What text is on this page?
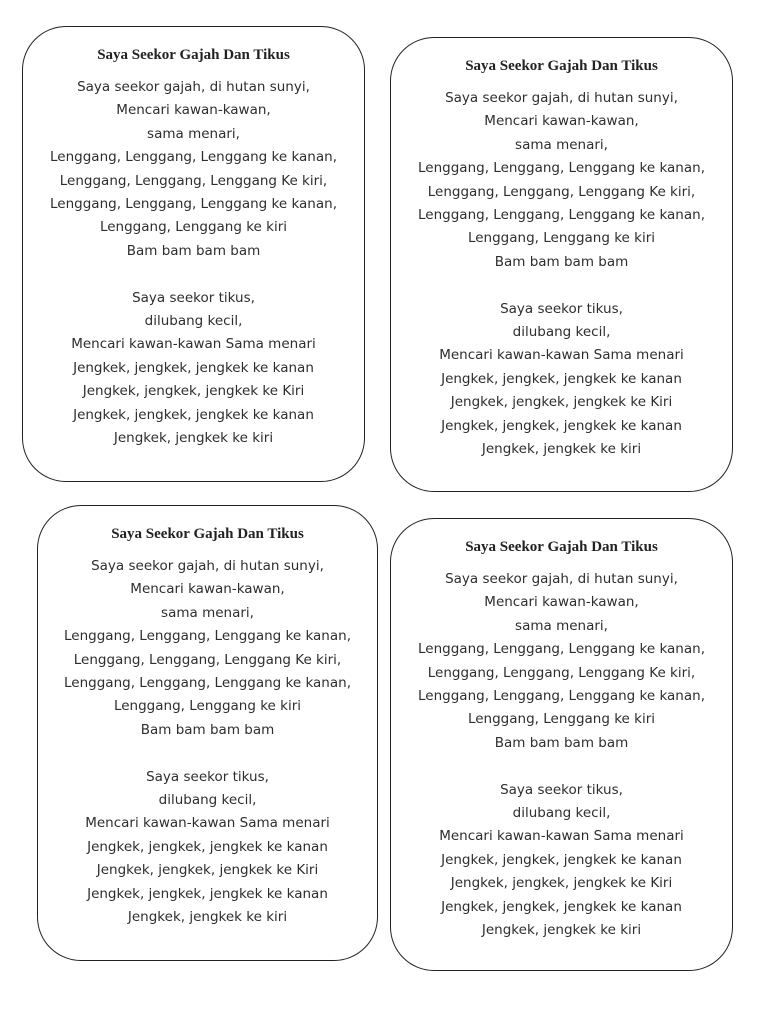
Saya Seekor Gajah Dan Tikus
Saya seekor gajah, di hutan sunyi,
Mencari kawan-kawan,
sama menari,
Lenggang, Lenggang, Lenggang ke kanan,
Lenggang, Lenggang, Lenggang Ke kiri,
Lenggang, Lenggang, Lenggang ke kanan,
Lenggang, Lenggang ke kiri
Bam bam bam bam
Saya seekor tikus,
dilubang kecil,
Mencari kawan-kawan Sama menari
Jengkek, jengkek, jengkek ke kanan
Jengkek, jengkek, jengkek ke Kiri
Jengkek, jengkek, jengkek ke kanan
Jengkek, jengkek ke kiri
Saya Seekor Gajah Dan Tikus
Saya seekor gajah, di hutan sunyi,
Mencari kawan-kawan,
sama menari,
Lenggang, Lenggang, Lenggang ke kanan,
Lenggang, Lenggang, Lenggang Ke kiri,
Lenggang, Lenggang, Lenggang ke kanan,
Lenggang, Lenggang ke kiri
Bam bam bam bam
Saya seekor tikus,
dilubang kecil,
Mencari kawan-kawan Sama menari
Jengkek, jengkek, jengkek ke kanan
Jengkek, jengkek, jengkek ke Kiri
Jengkek, jengkek, jengkek ke kanan
Jengkek, jengkek ke kiri
Saya Seekor Gajah Dan Tikus
Saya seekor gajah, di hutan sunyi,
Mencari kawan-kawan,
sama menari,
Lenggang, Lenggang, Lenggang ke kanan,
Lenggang, Lenggang, Lenggang Ke kiri,
Lenggang, Lenggang, Lenggang ke kanan,
Lenggang, Lenggang ke kiri
Bam bam bam bam
Saya seekor tikus,
dilubang kecil,
Mencari kawan-kawan Sama menari
Jengkek, jengkek, jengkek ke kanan
Jengkek, jengkek, jengkek ke Kiri
Jengkek, jengkek, jengkek ke kanan
Jengkek, jengkek ke kiri
Saya Seekor Gajah Dan Tikus
Saya seekor gajah, di hutan sunyi,
Mencari kawan-kawan,
sama menari,
Lenggang, Lenggang, Lenggang ke kanan,
Lenggang, Lenggang, Lenggang Ke kiri,
Lenggang, Lenggang, Lenggang ke kanan,
Lenggang, Lenggang ke kiri
Bam bam bam bam
Saya seekor tikus,
dilubang kecil,
Mencari kawan-kawan Sama menari
Jengkek, jengkek, jengkek ke kanan
Jengkek, jengkek, jengkek ke Kiri
Jengkek, jengkek, jengkek ke kanan
Jengkek, jengkek ke kiri
